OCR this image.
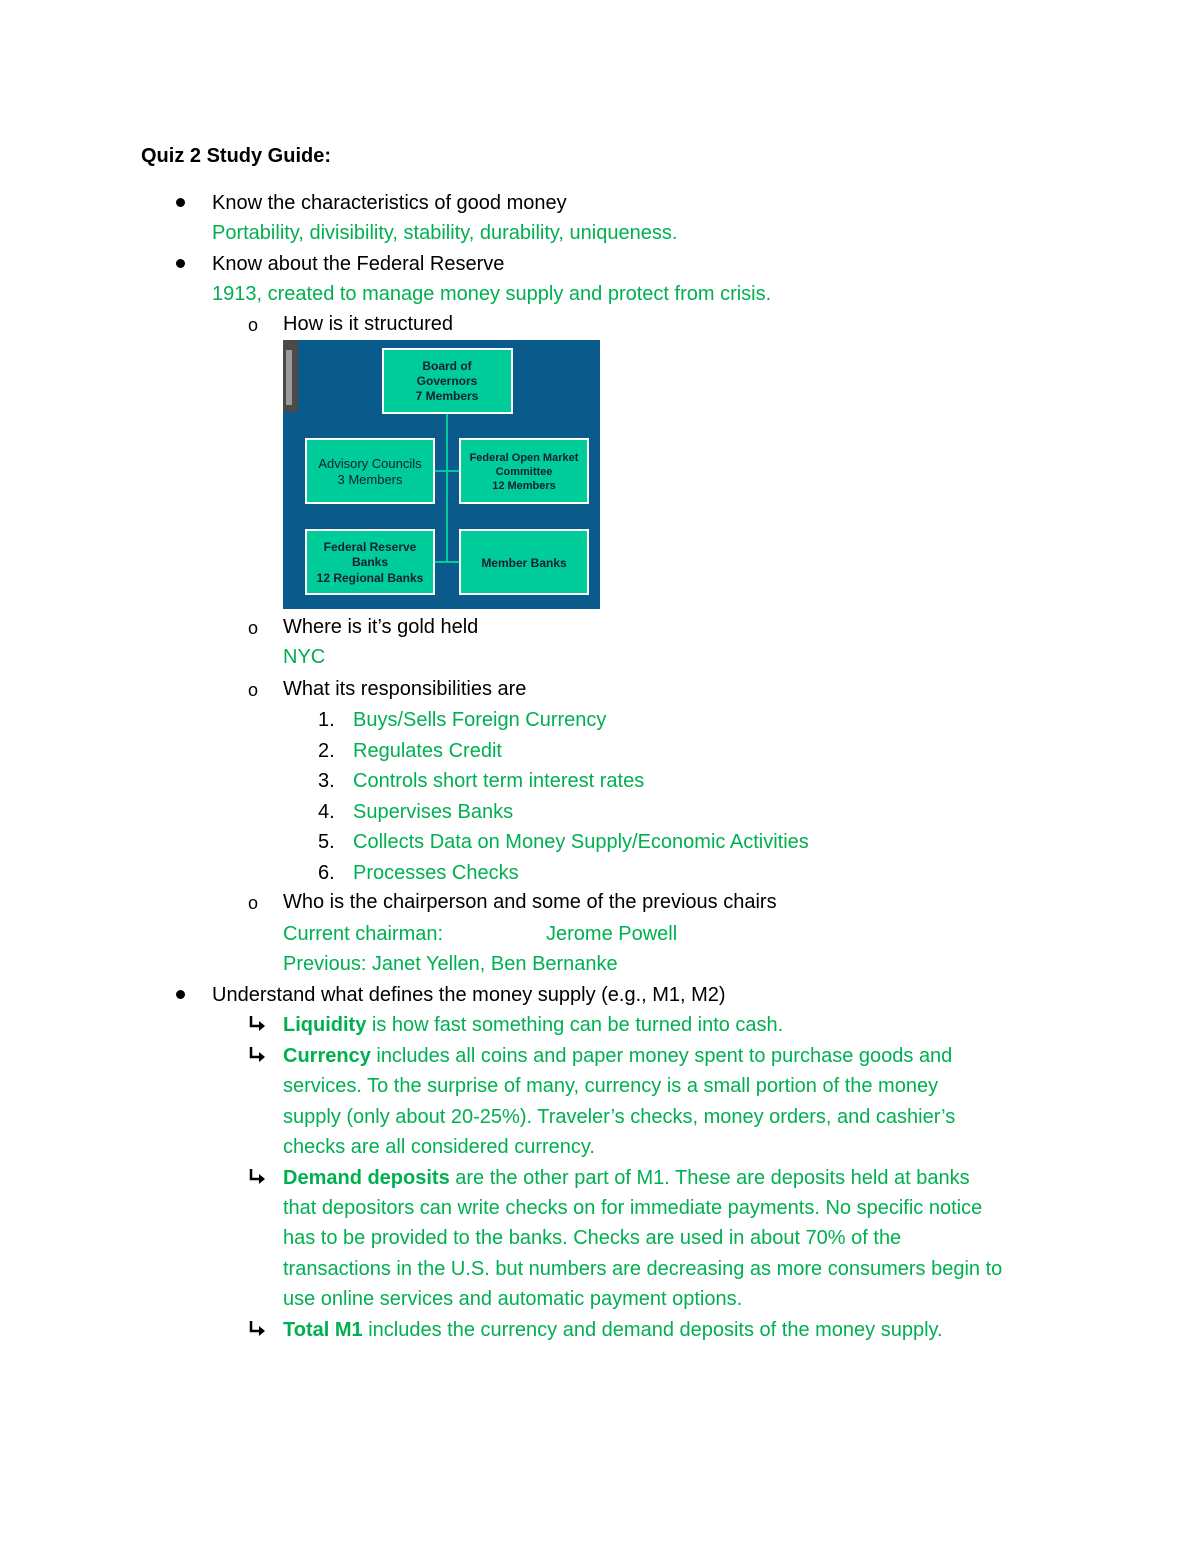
Quiz 2 Study Guide:
Know the characteristics of good money
Portability, divisibility, stability, durability, uniqueness.
Know about the Federal Reserve
1913, created to manage money supply and protect from crisis.
o How is it structured
Board of
Governors
7 Members
Advisory Councils
3 Members
Federal Open Market
Committee
12 Members
Federal Reserve
Banks
12 Regional Banks
Member Banks
o Where is it’s gold held
NYC
o What its responsibilities are
1. Buys/Sells Foreign Currency
2. Regulates Credit
3. Controls short term interest rates
4. Supervises Banks
5. Collects Data on Money Supply/Economic Activities
6. Processes Checks
o Who is the chairperson and some of the previous chairs
Current chairman:	Jerome Powell
Previous: Janet Yellen, Ben Bernanke
Understand what defines the money supply (e.g., M1, M2)
Liquidity is how fast something can be turned into cash.
Currency includes all coins and paper money spent to purchase goods and
services. To the surprise of many, currency is a small portion of the money
supply (only about 20-25%). Traveler’s checks, money orders, and cashier’s
checks are all considered currency.
Demand deposits are the other part of M1. These are deposits held at banks
that depositors can write checks on for immediate payments. No specific notice
has to be provided to the banks. Checks are used in about 70% of the
transactions in the U.S. but numbers are decreasing as more consumers begin to
use online services and automatic payment options.
Total M1 includes the currency and demand deposits of the money supply.
